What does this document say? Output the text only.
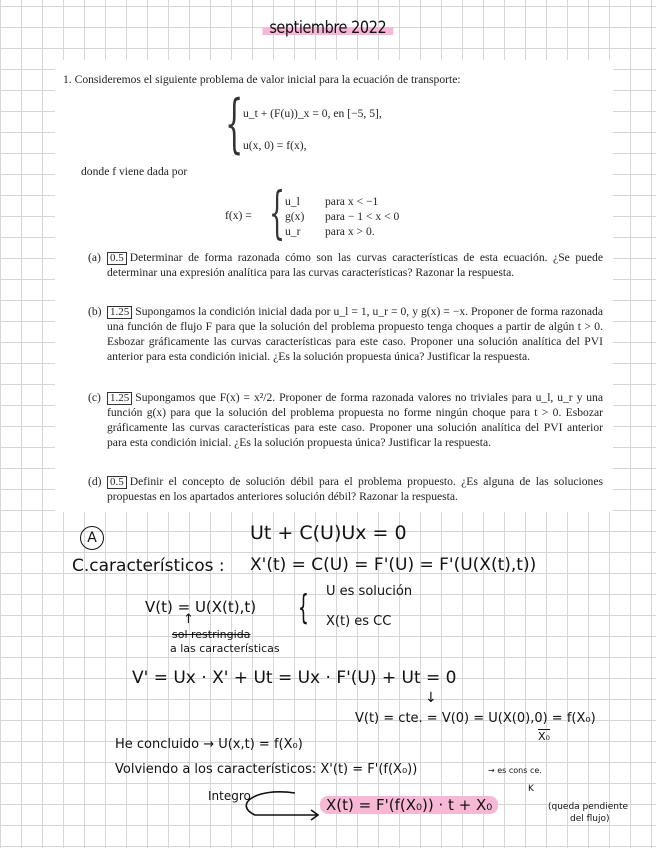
septiembre 2022
1. Consideremos el siguiente problema de valor inicial para la ecuación de transporte:
{ u_t + (F(u))_x = 0, en [−5, 5],
u(x, 0) = f(x),
donde f viene dada por
f(x) = { u_l para x < −1
g(x) para − 1 < x < 0
u_r para x > 0.
(a) 0.5 Determinar de forma razonada cómo son las curvas características de esta ecuación. ¿Se puede determinar una expresión analítica para las curvas características? Razonar la respuesta.
(b) 1.25 Supongamos la condición inicial dada por u_l = 1, u_r = 0, y g(x) = −x. Proponer de forma razonada una función de flujo F para que la solución del problema propuesto tenga choques a partir de algún t > 0. Esbozar gráficamente las curvas características para este caso. Proponer una solución analítica del PVI anterior para esta condición inicial. ¿Es la solución propuesta única? Justificar la respuesta.
(c) 1.25 Supongamos que F(x) = x²/2. Proponer de forma razonada valores no triviales para u_l, u_r y una función g(x) para que la solución del problema propuesta no forme ningún choque para t > 0. Esbozar gráficamente las curvas características para este caso. Proponer una solución analítica del PVI anterior para esta condición inicial. ¿Es la solución propuesta única? Justificar la respuesta.
(d) 0.5 Definir el concepto de solución débil para el problema propuesto. ¿Es alguna de las soluciones propuestas en los apartados anteriores solución débil? Razonar la respuesta.
A	Ut + C(U)Ux = 0
C.característicos : X'(t) = C(U) = F'(U) = F'(U(X(t),t))
V(t) = U(X(t),t) { U es solución
X(t) es CC
↑
sol restringida
a las características
V' = Ux · X' + Ut = Ux · F'(U) + Ut = 0
↓
V(t) = cte. = V(0) = U(X(0),0) = f(X₀)
X₀
He concluido → U(x,t) = f(X₀)
Volviendo a los característicos: X'(t) = F'(f(X₀))	→ es cons ce.
Integro	X(t) = F'(f(X₀)) · t + X₀
K
(queda pendiente
del flujo)
